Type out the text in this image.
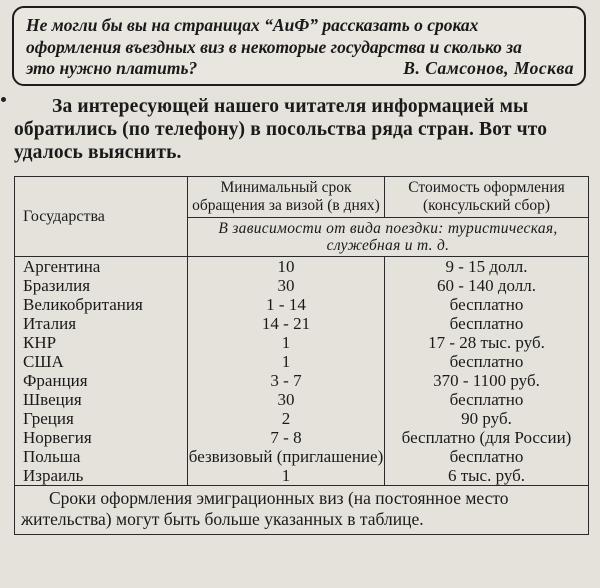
Не могли бы вы на страницах “АиФ” рассказать о сроках
оформления въездных виз в некоторые государства и сколько за
это нужно платить?	В. Самсонов, Москва
За интересующей нашего читателя информацией мы обратились (по телефону) в посольства ряда стран. Вот что удалось выяснить.
Государства	Минимальный срок обращения за визой (в днях)	Стоимость оформления (консульский сбор)
	В зависимости от вида поездки: туристическая, служебная и т. д.	
Аргентина	10	9 - 15 долл.
Бразилия	30	60 - 140 долл.
Великобритания	1 - 14	бесплатно
Италия	14 - 21	бесплатно
КНР	1	17 - 28 тыс. руб.
США	1	бесплатно
Франция	3 - 7	370 - 1100 руб.
Швеция	30	бесплатно
Греция	2	90 руб.
Норвегия	7 - 8	бесплатно (для России)
Польша	безвизовый (приглашение)	бесплатно
Израиль	1	6 тыс. руб.
Сроки оформления эмиграционных виз (на постоянное место жительства) могут быть больше указанных в таблице.		
